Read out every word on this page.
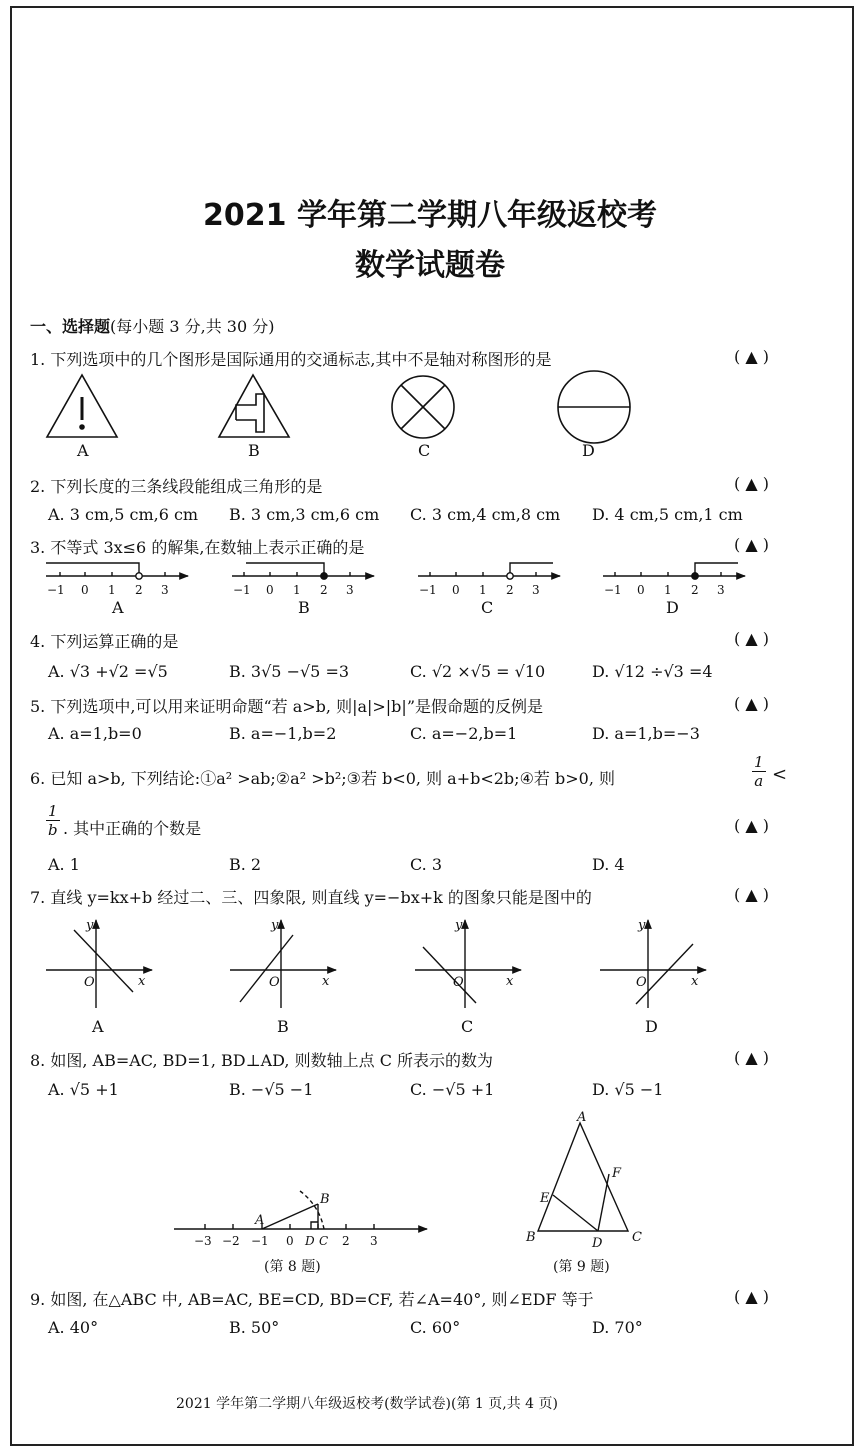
2021 学年第二学期八年级返校考
数学试题卷
一、选择题(每小题 3 分,共 30 分)
1. 下列选项中的几个图形是国际通用的交通标志,其中不是轴对称图形的是	( ▲ )
A	B	C	D
2. 下列长度的三条线段能组成三角形的是	( ▲ )
A. 3 cm,5 cm,6 cm B. 3 cm,3 cm,6 cm C. 3 cm,4 cm,8 cm D. 4 cm,5 cm,1 cm
3. 不等式 3x≤6 的解集,在数轴上表示正确的是	( ▲ )
A	B	C	D
4. 下列运算正确的是	( ▲ )
A. √3 +√2 =√5	B. 3√5 −√5 =3	C. √2 ×√5 = √10	D. √12 ÷√3 =4
5. 下列选项中,可以用来证明命题“若 a>b, 则|a|>|b|”是假命题的反例是	( ▲ )
A. a=1,b=0	B. a=−1,b=2	C. a=−2,b=1	D. a=1,b=−3
6. 已知 a>b, 下列结论:①a² >ab;②a² >b²;③若 b<0, 则 a+b<2b;④若 b>0, 则	$\frac{1}{a}$ <
$\frac{1}{b}$ . 其中正确的个数是	( ▲ )
A. 1	B. 2	C. 3	D. 4
7. 直线 y=kx+b 经过二、三、四象限, 则直线 y=−bx+k 的图象只能是图中的	( ▲ )
A	B	C	D
8. 如图, AB=AC, BD=1, BD⊥AD, 则数轴上点 C 所表示的数为	( ▲ )
A. √5 +1	B. −√5 −1	C. −√5 +1	D. √5 −1
(第 8 题)	(第 9 题)
9. 如图, 在△ABC 中, AB=AC, BE=CD, BD=CF, 若∠A=40°, 则∠EDF 等于	( ▲ )
A. 40°	B. 50°	C. 60°	D. 70°
2021 学年第二学期八年级返校考(数学试卷)(第 1 页,共 4 页)
−1 0 1 2 3	−1 0 1 2 3	−1 0 1 2 3	−1 0 1 2 3
y
x
O
y
x
O
y
x
O
y
x
O
A
B
A
B	C
D
E
F
−3 −2 −1 0 D C 2 3
